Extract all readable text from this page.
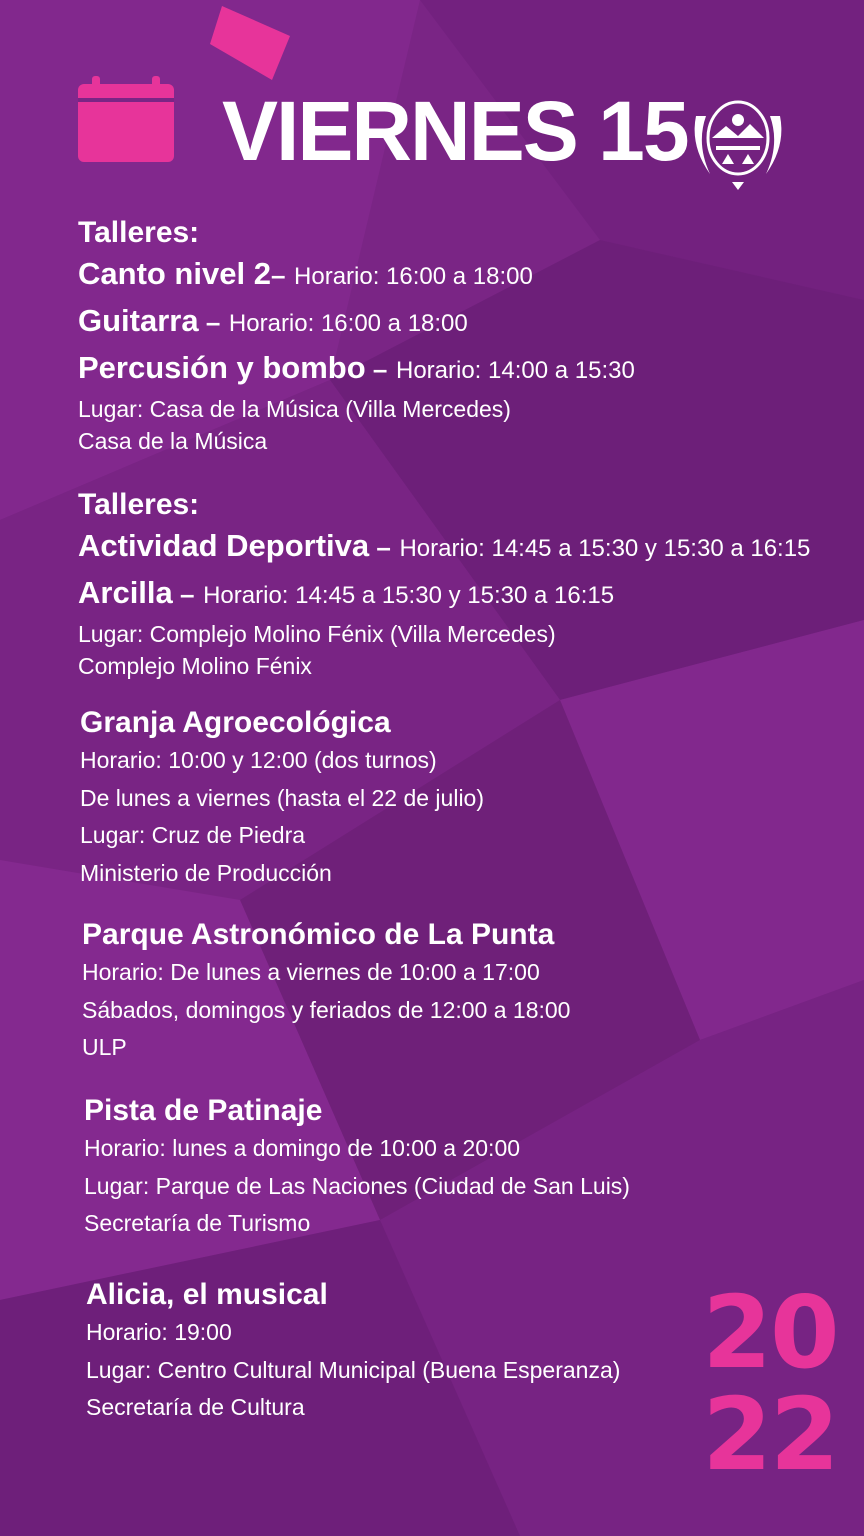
VIERNES 15
Talleres:
Canto nivel 2– Horario: 16:00 a 18:00
Guitarra – Horario: 16:00 a 18:00
Percusión y bombo – Horario: 14:00 a 15:30
Lugar: Casa de la Música (Villa Mercedes)
Casa de la Música
Talleres:
Actividad Deportiva – Horario: 14:45 a 15:30 y 15:30 a 16:15
Arcilla – Horario: 14:45 a 15:30 y 15:30 a 16:15
Lugar: Complejo Molino Fénix (Villa Mercedes)
Complejo Molino Fénix
Granja Agroecológica
Horario: 10:00 y 12:00 (dos turnos)
De lunes a viernes (hasta el 22 de julio)
Lugar: Cruz de Piedra
Ministerio de Producción
Parque Astronómico de La Punta
Horario: De lunes a viernes de 10:00 a 17:00
Sábados, domingos y feriados de 12:00 a 18:00
ULP
Pista de Patinaje
Horario: lunes a domingo de 10:00 a 20:00
Lugar: Parque de Las Naciones (Ciudad de San Luis)
Secretaría de Turismo
Alicia, el musical
Horario: 19:00
Lugar: Centro Cultural Municipal (Buena Esperanza)
Secretaría de Cultura
20
22
